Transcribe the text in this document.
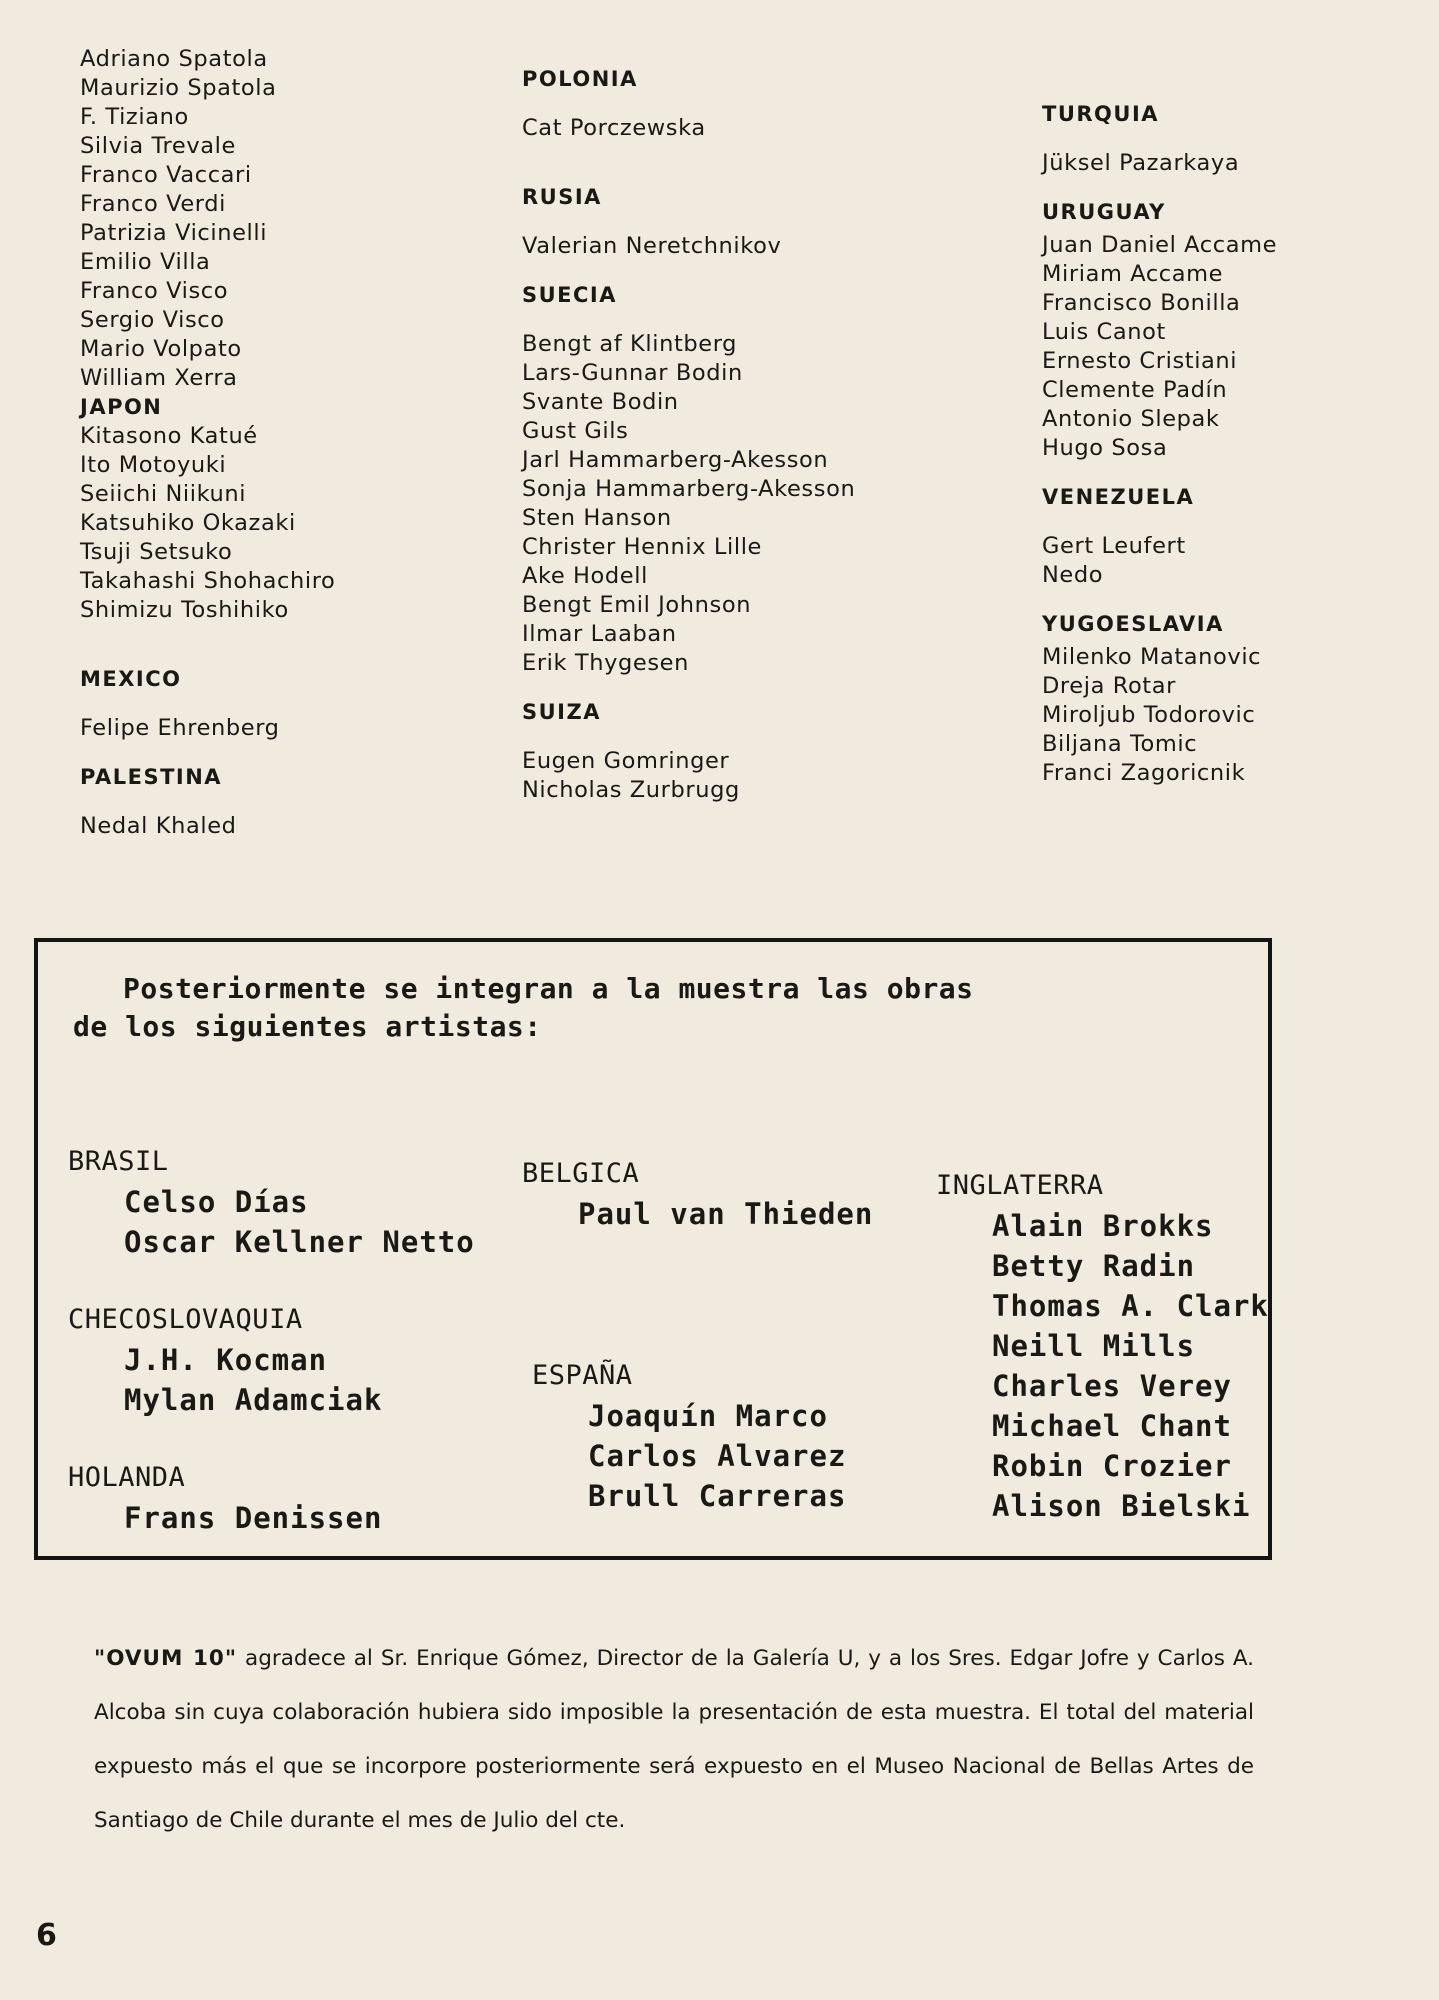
Adriano Spatola
Maurizio Spatola
F. Tiziano
Silvia Trevale
Franco Vaccari
Franco Verdi
Patrizia Vicinelli
Emilio Villa
Franco Visco
Sergio Visco
Mario Volpato
William Xerra
JAPON
Kitasono Katué
Ito Motoyuki
Seiichi Niikuni
Katsuhiko Okazaki
Tsuji Setsuko
Takahashi Shohachiro
Shimizu Toshihiko
MEXICO
Felipe Ehrenberg
PALESTINA
Nedal Khaled
POLONIA
Cat Porczewska
RUSIA
Valerian Neretchnikov
SUECIA
Bengt af Klintberg
Lars-Gunnar Bodin
Svante Bodin
Gust Gils
Jarl Hammarberg-Akesson
Sonja Hammarberg-Akesson
Sten Hanson
Christer Hennix Lille
Ake Hodell
Bengt Emil Johnson
Ilmar Laaban
Erik Thygesen
SUIZA
Eugen Gomringer
Nicholas Zurbrugg
TURQUIA
Jüksel Pazarkaya
URUGUAY
Juan Daniel Accame
Miriam Accame
Francisco Bonilla
Luis Canot
Ernesto Cristiani
Clemente Padín
Antonio Slepak
Hugo Sosa
VENEZUELA
Gert Leufert
Nedo
YUGOESLAVIA
Milenko Matanovic
Dreja Rotar
Miroljub Todorovic
Biljana Tomic
Franci Zagoricnik
Posteriormente se integran a la muestra las obras
de los siguientes artistas:
BRASIL
Celso Días
Oscar Kellner Netto
CHECOSLOVAQUIA
J.H. Kocman
Mylan Adamciak
HOLANDA
Frans Denissen
BELGICA
Paul van Thieden
ESPAÑA
Joaquín Marco
Carlos Alvarez
Brull Carreras
INGLATERRA
Alain Brokks
Betty Radin
Thomas A. Clark
Neill Mills
Charles Verey
Michael Chant
Robin Crozier
Alison Bielski
"OVUM 10" agradece al Sr. Enrique Gómez, Director de la Galería U, y a los Sres. Edgar Jofre y Carlos A. Alcoba sin cuya colaboración hubiera sido imposible la presentación de esta muestra. El total del material expuesto más el que se incorpore posteriormente será expuesto en el Museo Nacional de Bellas Artes de Santiago de Chile durante el mes de Julio del cte.
6
